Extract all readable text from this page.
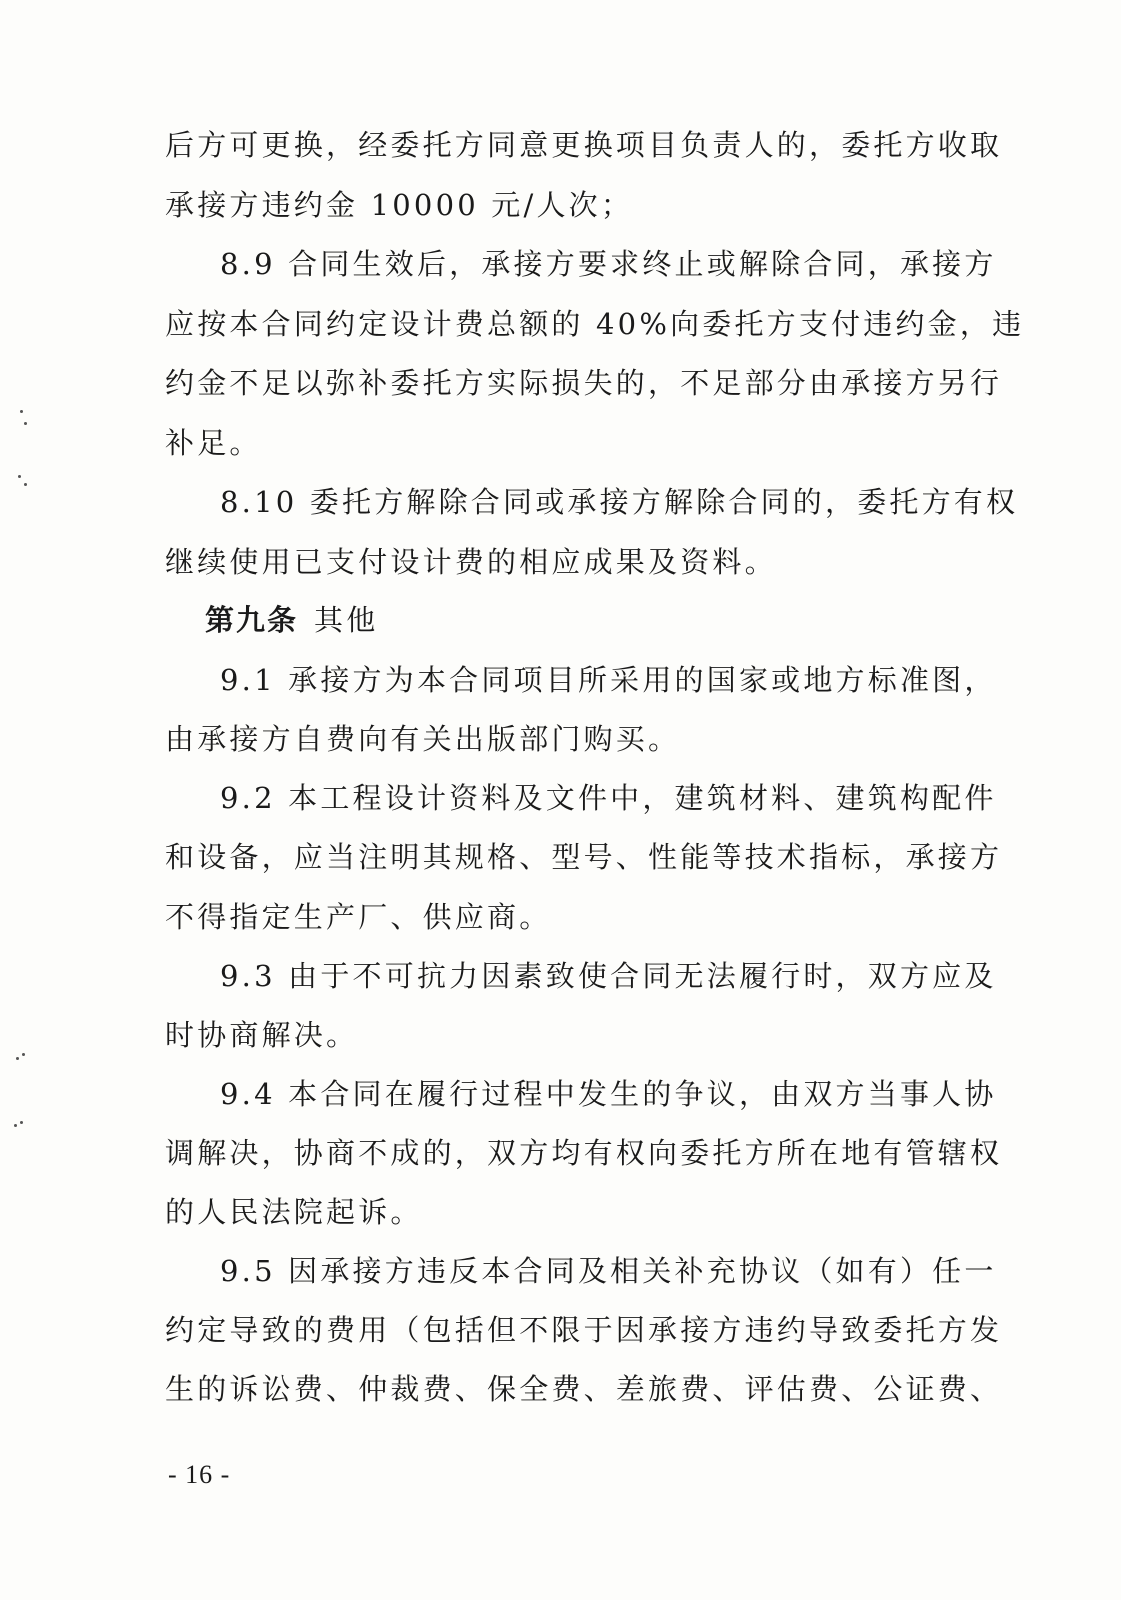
后方可更换，经委托方同意更换项目负责人的，委托方收取
承接方违约金 10000 元/人次；
8.9 合同生效后，承接方要求终止或解除合同，承接方
应按本合同约定设计费总额的 40%向委托方支付违约金，违
约金不足以弥补委托方实际损失的，不足部分由承接方另行
补足。
8.10 委托方解除合同或承接方解除合同的，委托方有权
继续使用已支付设计费的相应成果及资料。
第九条 其他
9.1 承接方为本合同项目所采用的国家或地方标准图，
由承接方自费向有关出版部门购买。
9.2 本工程设计资料及文件中，建筑材料、建筑构配件
和设备，应当注明其规格、型号、性能等技术指标，承接方
不得指定生产厂、供应商。
9.3 由于不可抗力因素致使合同无法履行时，双方应及
时协商解决。
9.4 本合同在履行过程中发生的争议，由双方当事人协
调解决，协商不成的，双方均有权向委托方所在地有管辖权
的人民法院起诉。
9.5 因承接方违反本合同及相关补充协议（如有）任一
约定导致的费用（包括但不限于因承接方违约导致委托方发
生的诉讼费、仲裁费、保全费、差旅费、评估费、公证费、
- 16 -
